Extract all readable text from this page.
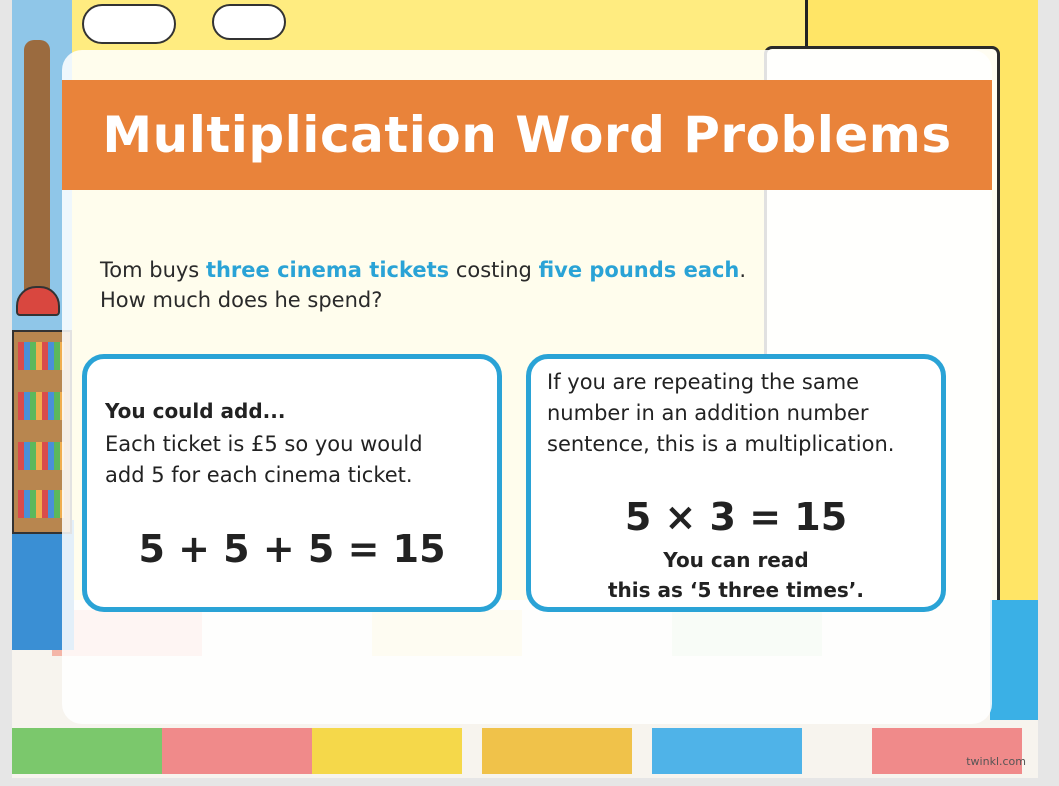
Multiplication Word Problems
Tom buys three cinema tickets costing five pounds each.
How much does he spend?
You could add...
Each ticket is £5 so you would
add 5 for each cinema ticket.
5 + 5 + 5 = 15
If you are repeating the same
number in an addition number
sentence, this is a multiplication.
5 × 3 = 15
You can read
this as ‘5 three times’.
twinkl.com
